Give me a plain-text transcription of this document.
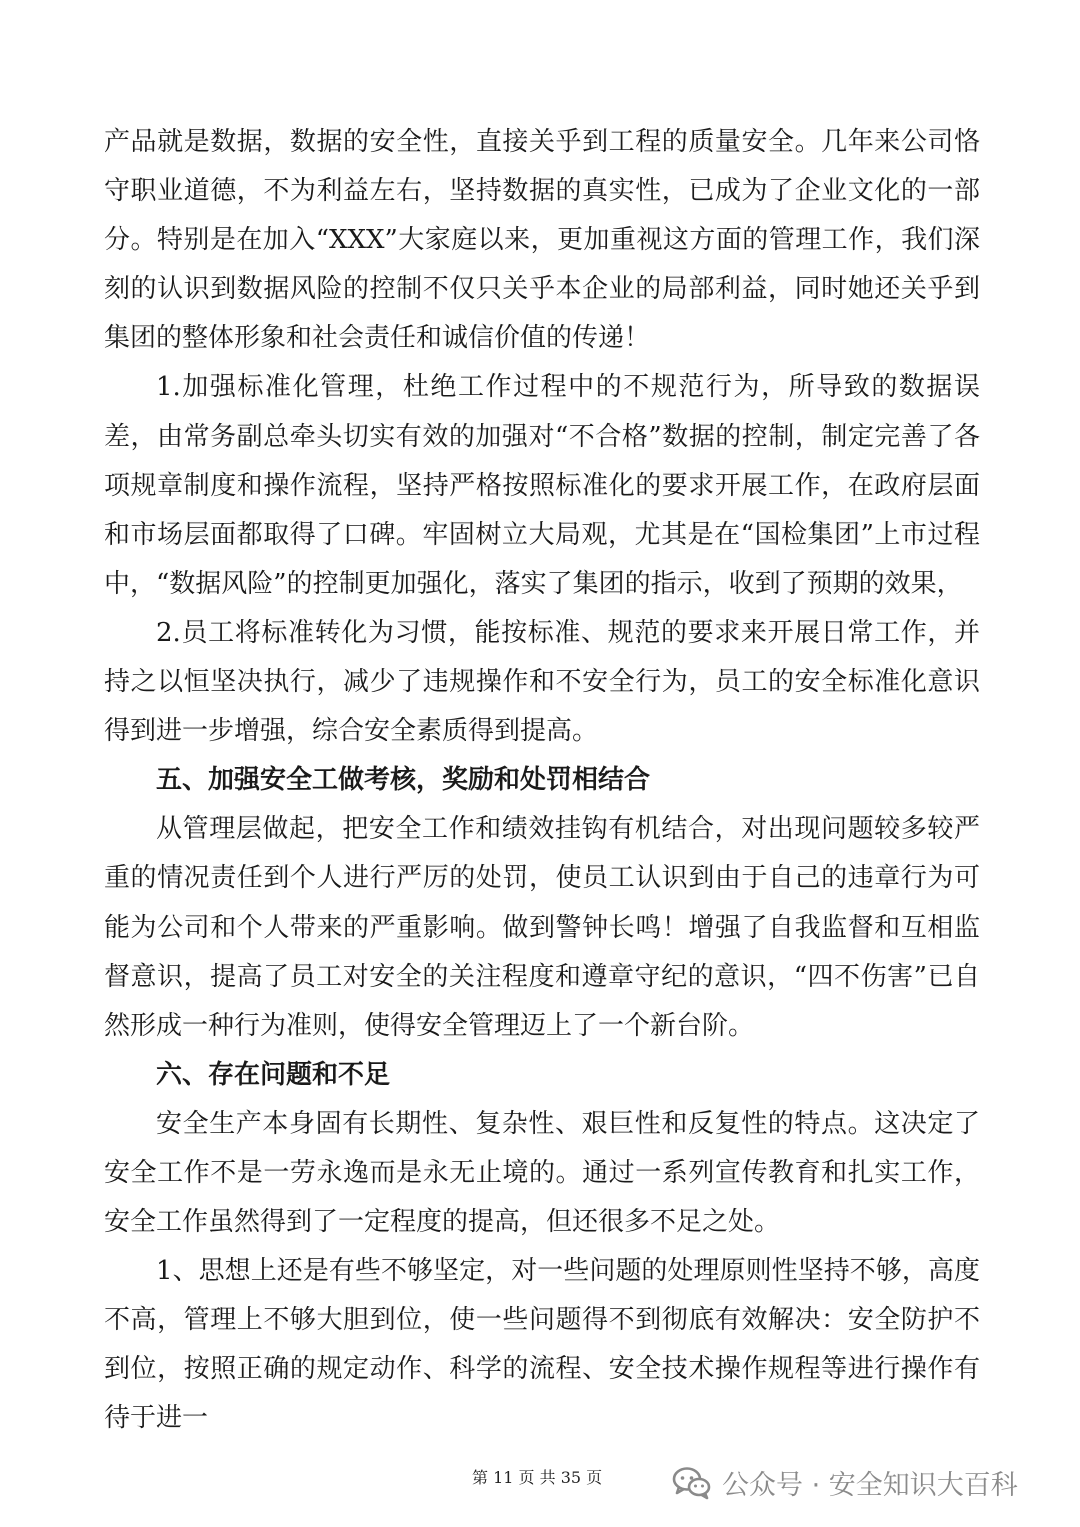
产品就是数据，数据的安全性，直接关乎到工程的质量安全。几年来公司恪守职业道德，不为利益左右，坚持数据的真实性，已成为了企业文化的一部分。特别是在加入“XXX”大家庭以来，更加重视这方面的管理工作，我们深刻的认识到数据风险的控制不仅只关乎本企业的局部利益，同时她还关乎到集团的整体形象和社会责任和诚信价值的传递！

1.加强标准化管理，杜绝工作过程中的不规范行为，所导致的数据误差，由常务副总牵头切实有效的加强对“不合格”数据的控制，制定完善了各项规章制度和操作流程，坚持严格按照标准化的要求开展工作，在政府层面和市场层面都取得了口碑。牢固树立大局观，尤其是在“国检集团”上市过程中，“数据风险”的控制更加强化，落实了集团的指示，收到了预期的效果，

2.员工将标准转化为习惯，能按标准、规范的要求来开展日常工作，并持之以恒坚决执行，减少了违规操作和不安全行为，员工的安全标准化意识得到进一步增强，综合安全素质得到提高。

五、加强安全工做考核，奖励和处罚相结合

从管理层做起，把安全工作和绩效挂钩有机结合，对出现问题较多较严重的情况责任到个人进行严厉的处罚，使员工认识到由于自己的违章行为可能为公司和个人带来的严重影响。做到警钟长鸣！增强了自我监督和互相监督意识，提高了员工对安全的关注程度和遵章守纪的意识，“四不伤害”已自然形成一种行为准则，使得安全管理迈上了一个新台阶。

六、存在问题和不足

安全生产本身固有长期性、复杂性、艰巨性和反复性的特点。这决定了安全工作不是一劳永逸而是永无止境的。通过一系列宣传教育和扎实工作，安全工作虽然得到了一定程度的提高，但还很多不足之处。

1、思想上还是有些不够坚定，对一些问题的处理原则性坚持不够，高度不高，管理上不够大胆到位，使一些问题得不到彻底有效解决：安全防护不到位，按照正确的规定动作、科学的流程、安全技术操作规程等进行操作有待于进一

第 11 页 共 35 页	公众号 · 安全知识大百科
